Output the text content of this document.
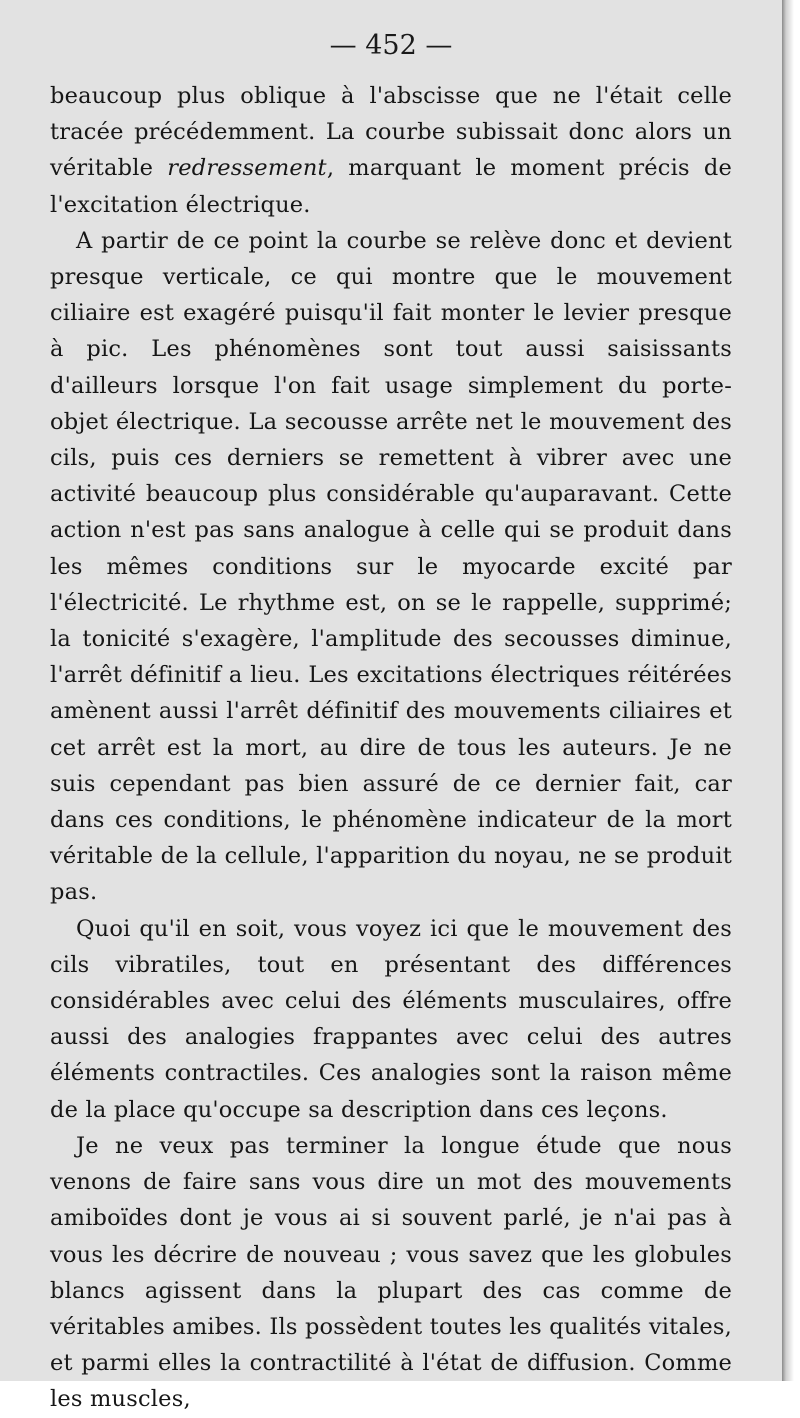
— 452 —

beaucoup plus oblique à l'abscisse que ne l'était celle tracée précédemment. La courbe subissait donc alors un véritable redressement, marquant le moment précis de l'excitation électrique.

A partir de ce point la courbe se relève donc et devient presque verticale, ce qui montre que le mouvement ciliaire est exagéré puisqu'il fait monter le levier presque à pic. Les phénomènes sont tout aussi saisissants d'ailleurs lorsque l'on fait usage simplement du porte-objet électrique. La secousse arrête net le mouvement des cils, puis ces derniers se remettent à vibrer avec une activité beaucoup plus considérable qu'auparavant. Cette action n'est pas sans analogue à celle qui se produit dans les mêmes conditions sur le myocarde excité par l'électricité. Le rhythme est, on se le rappelle, supprimé; la tonicité s'exagère, l'amplitude des secousses diminue, l'arrêt définitif a lieu. Les excitations électriques réitérées amènent aussi l'arrêt définitif des mouvements ciliaires et cet arrêt est la mort, au dire de tous les auteurs. Je ne suis cependant pas bien assuré de ce dernier fait, car dans ces conditions, le phénomène indicateur de la mort véritable de la cellule, l'apparition du noyau, ne se produit pas.

Quoi qu'il en soit, vous voyez ici que le mouvement des cils vibratiles, tout en présentant des différences considérables avec celui des éléments musculaires, offre aussi des analogies frappantes avec celui des autres éléments contractiles. Ces analogies sont la raison même de la place qu'occupe sa description dans ces leçons.

Je ne veux pas terminer la longue étude que nous venons de faire sans vous dire un mot des mouvements amiboïdes dont je vous ai si souvent parlé, je n'ai pas à vous les décrire de nouveau ; vous savez que les globules blancs agissent dans la plupart des cas comme de véritables amibes. Ils possèdent toutes les qualités vitales, et parmi elles la contractilité à l'état de diffusion. Comme les muscles,
